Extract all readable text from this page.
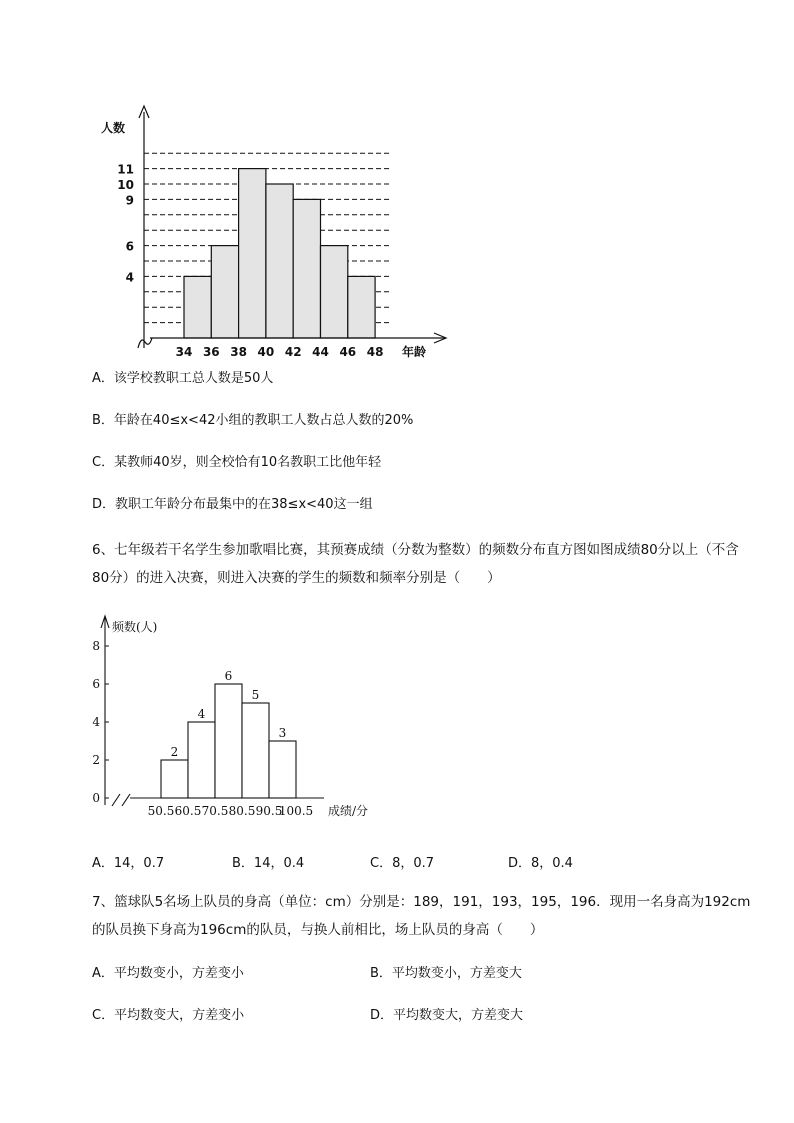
人数
年龄
4
6
9
10
11
34 36 38 40 42 44 46 48
A．该学校教职工总人数是50人
B．年龄在40≤x<42小组的教职工人数占总人数的20%
C．某教师40岁，则全校恰有10名教职工比他年轻
D．教职工年龄分布最集中的在38≤x<40这一组
6、七年级若干名学生参加歌唱比赛，其预赛成绩（分数为整数）的频数分布直方图如图成绩80分以上（不含80分）的进入决赛，则进入决赛的学生的频数和频率分别是（　　）
频数(人)
成绩/分
2
4
6
5
3
0
2
4
6
8
50.5 60.5 70.5 80.5 90.5
100.5
A．14，0.7	B．14，0.4	C．8，0.7	D．8，0.4
7、篮球队5名场上队员的身高（单位：cm）分别是：189，191，193，195，196．现用一名身高为192cm的队员换下身高为196cm的队员，与换人前相比，场上队员的身高（　　）
A．平均数变小，方差变小	B．平均数变小，方差变大
C．平均数变大，方差变小	D．平均数变大，方差变大
